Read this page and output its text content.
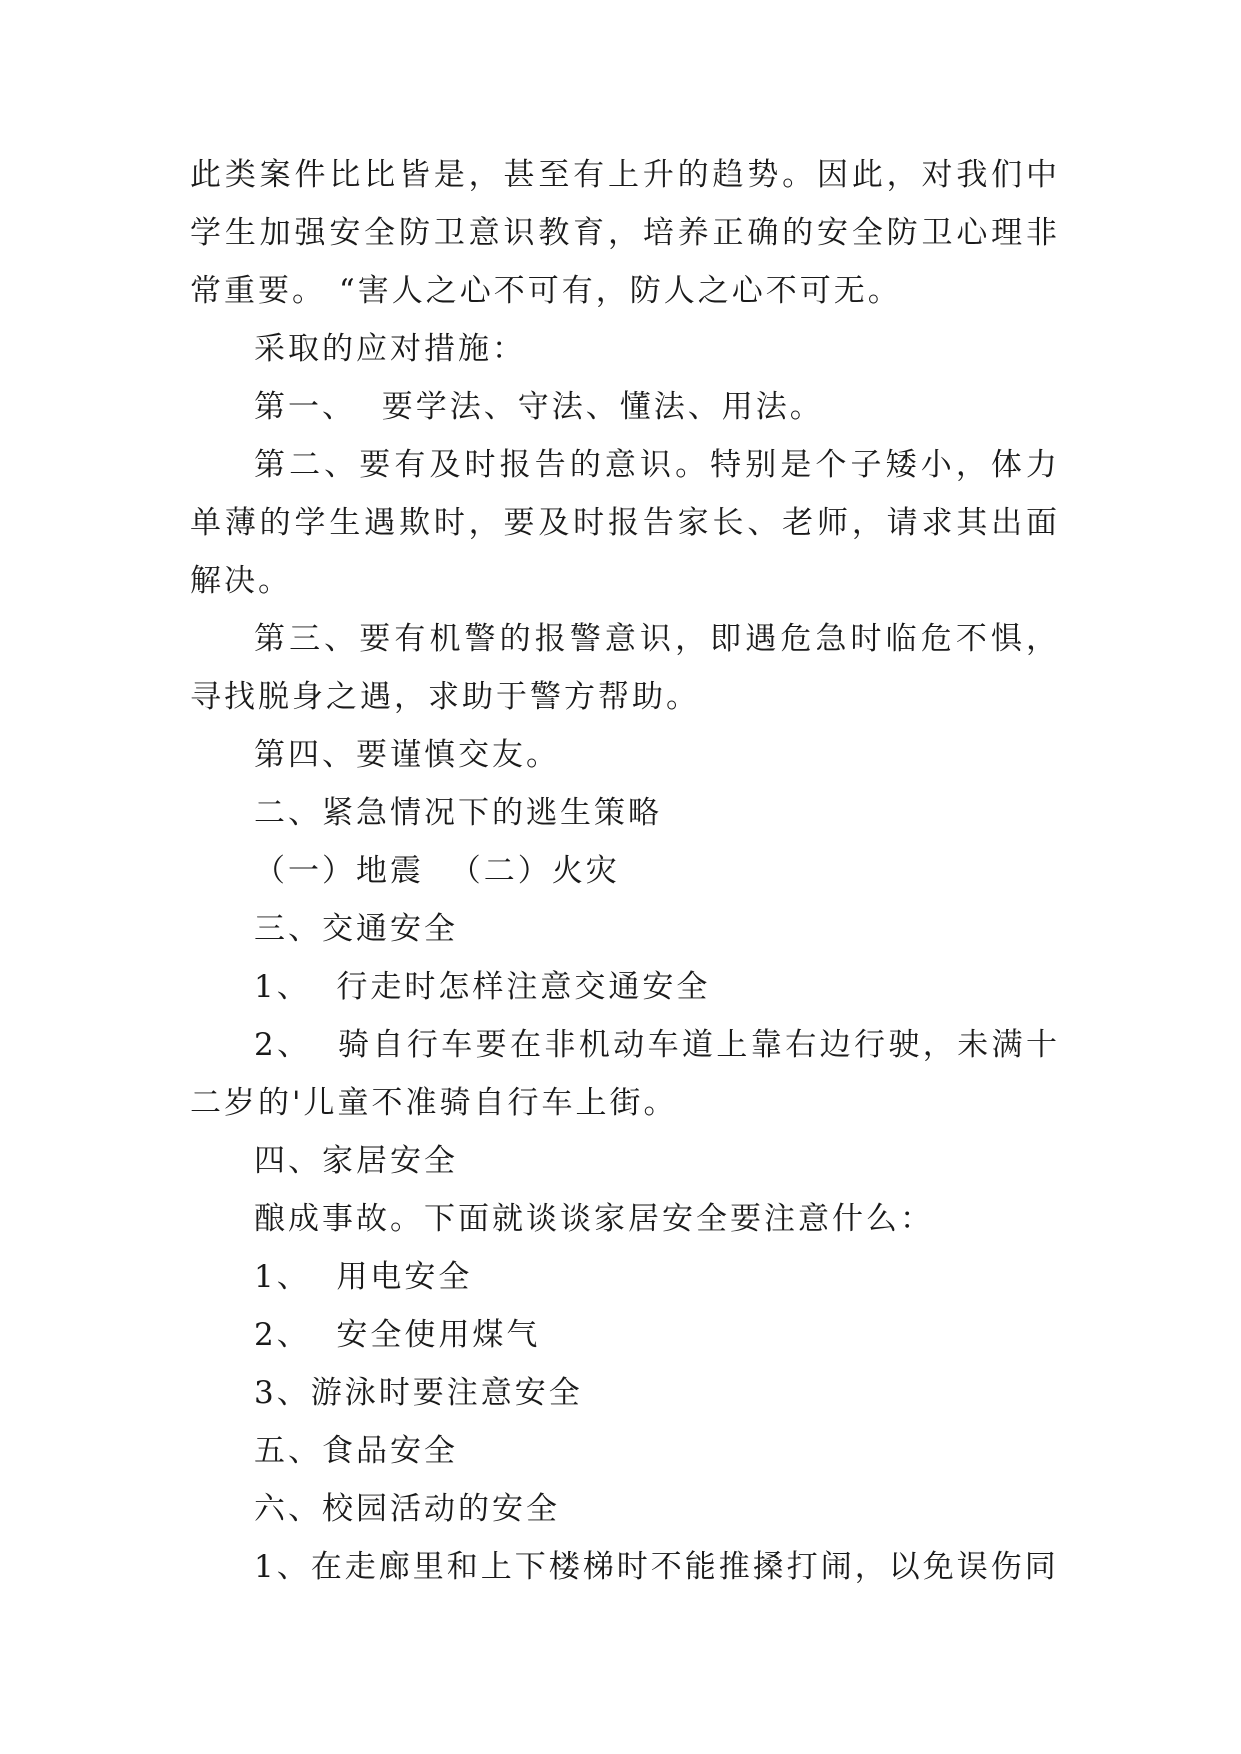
此类案件比比皆是，甚至有上升的趋势。因此，对我们中学生加强安全防卫意识教育，培养正确的安全防卫心理非常重要。 “害人之心不可有，防人之心不可无。

采取的应对措施：

第一、  要学法、守法、懂法、用法。

第二、要有及时报告的意识。特别是个子矮小，体力单薄的学生遇欺时，要及时报告家长、老师，请求其出面解决。

第三、要有机警的报警意识，即遇危急时临危不惧，寻找脱身之遇，求助于警方帮助。

第四、要谨慎交友。

二、紧急情况下的逃生策略

（一）地震  （二）火灾

三、交通安全

1、  行走时怎样注意交通安全

2、  骑自行车要在非机动车道上靠右边行驶，未满十二岁的'儿童不准骑自行车上街。

四、家居安全

酿成事故。下面就谈谈家居安全要注意什么：

1、  用电安全

2、  安全使用煤气

3、游泳时要注意安全

五、食品安全

六、校园活动的安全

1、在走廊里和上下楼梯时不能推搡打闹，以免误伤同
